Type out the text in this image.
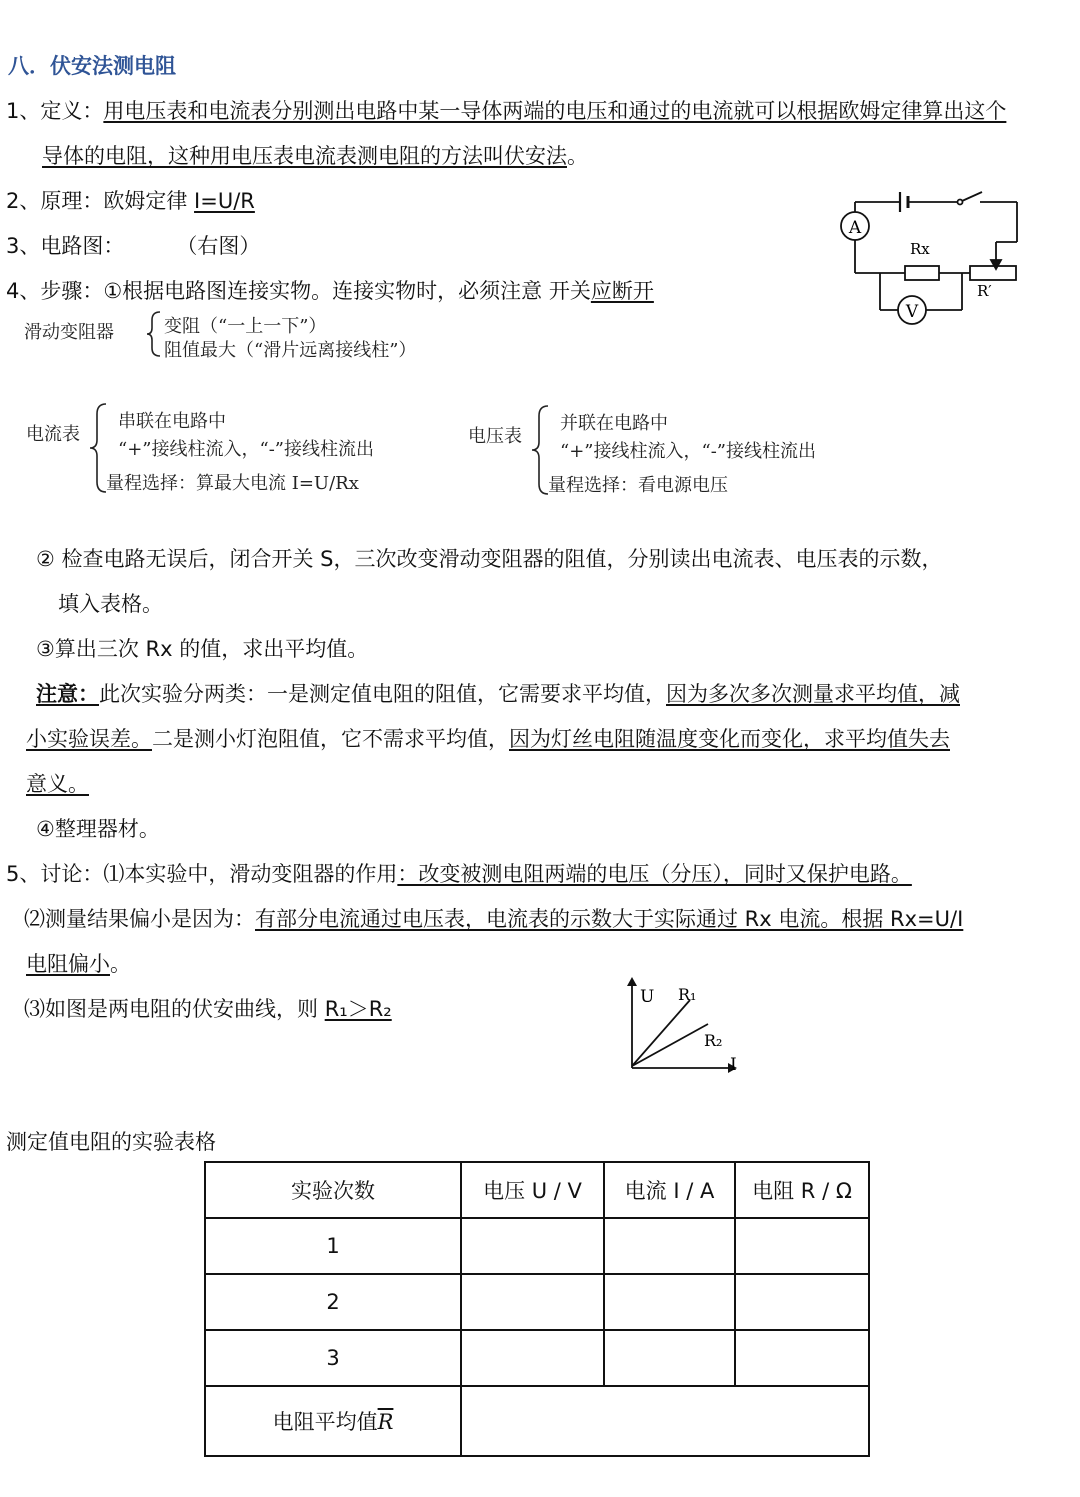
八．伏安法测电阻
1、定义：用电压表和电流表分别测出电路中某一导体两端的电压和通过的电流就可以根据欧姆定律算出这个
导体的电阻，这种用电压表电流表测电阻的方法叫伏安法。
2、原理：欧姆定律 I=U/R
3、电路图： （右图）
4、步骤：①根据电路图连接实物。连接实物时，必须注意 开关应断开
A
V
Rx
R′
滑动变阻器	变阻（“一上一下”）
阻值最大（“滑片远离接线柱”）
电流表
串联在电路中
“+”接线柱流入，“-”接线柱流出
量程选择：算最大电流 I=U/Rx
电压表
并联在电路中
“+”接线柱流入，“-”接线柱流出
量程选择：看电源电压
② 检查电路无误后，闭合开关 S，三次改变滑动变阻器的阻值，分别读出电流表、电压表的示数，
填入表格。
③算出三次 Rx 的值，求出平均值。
注意：此次实验分两类：一是测定值电阻的阻值，它需要求平均值，因为多次多次测量求平均值，减
小实验误差。二是测小灯泡阻值，它不需求平均值，因为灯丝电阻随温度变化而变化，求平均值失去
意义。
④整理器材。
5、讨论：⑴本实验中，滑动变阻器的作用：改变被测电阻两端的电压（分压），同时又保护电路。
⑵测量结果偏小是因为：有部分电流通过电压表，电流表的示数大于实际通过 Rx 电流。根据 Rx=U/I
电阻偏小。
⑶如图是两电阻的伏安曲线，则 R₁＞R₂	U
I
R₁
R₂
测定值电阻的实验表格
实验次数	电压 U / V	电流 I / A	电阻 R / Ω
1			
2			
3			
电阻平均值$\overline{R}$	
